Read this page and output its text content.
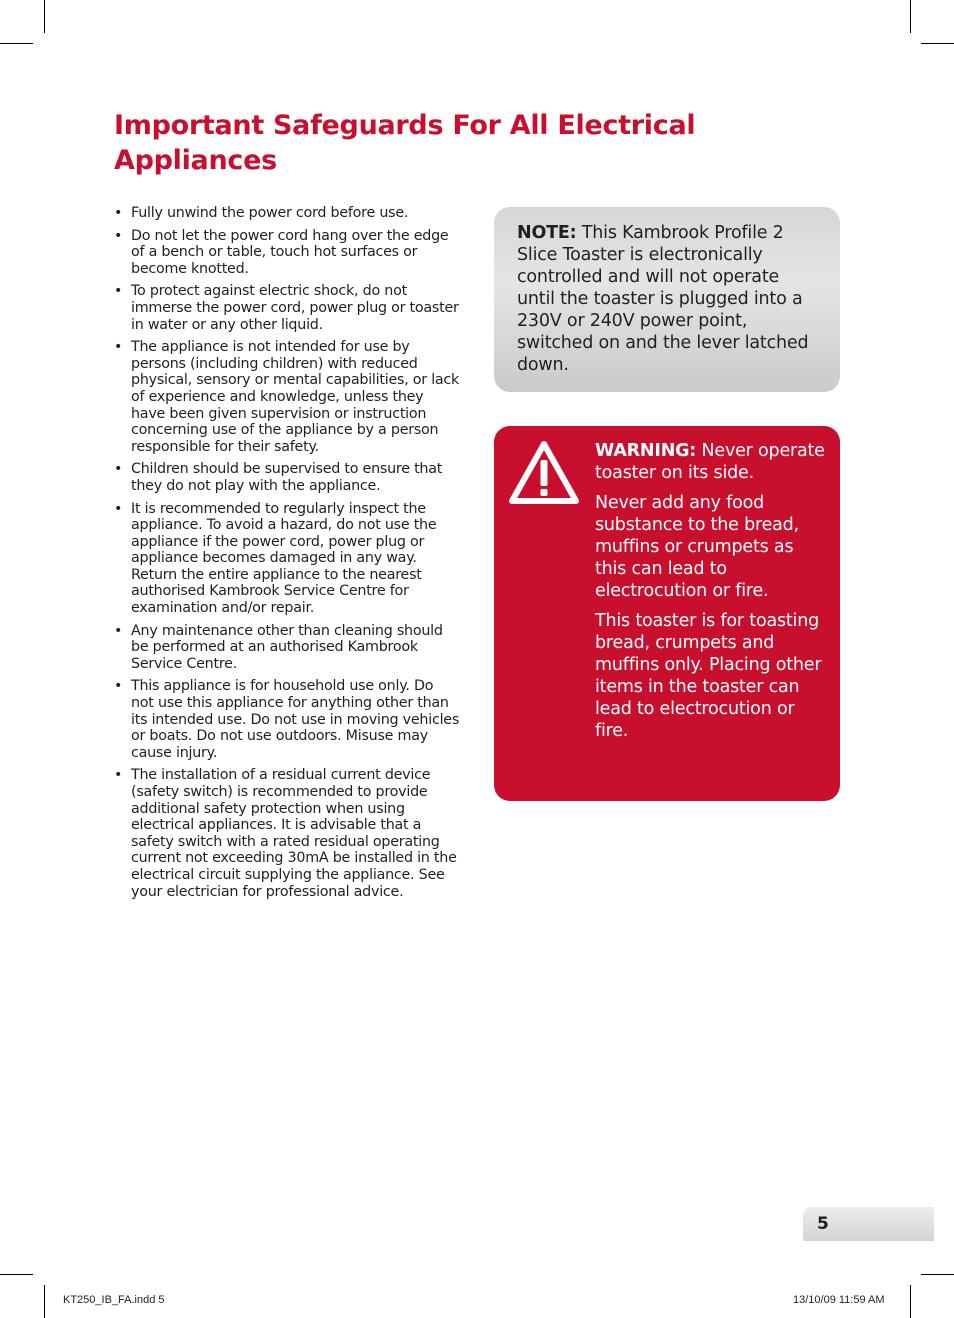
Important Safeguards For All Electrical Appliances
• Fully unwind the power cord before use.
• Do not let the power cord hang over the edge of a bench or table, touch hot surfaces or become knotted.
• To protect against electric shock, do not immerse the power cord, power plug or toaster in water or any other liquid.
• The appliance is not intended for use by persons (including children) with reduced physical, sensory or mental capabilities, or lack of experience and knowledge, unless they have been given supervision or instruction concerning use of the appliance by a person responsible for their safety.
• Children should be supervised to ensure that they do not play with the appliance.
• It is recommended to regularly inspect the appliance. To avoid a hazard, do not use the appliance if the power cord, power plug or appliance becomes damaged in any way. Return the entire appliance to the nearest authorised Kambrook Service Centre for examination and/or repair.
• Any maintenance other than cleaning should be performed at an authorised Kambrook Service Centre.
• This appliance is for household use only. Do not use this appliance for anything other than its intended use. Do not use in moving vehicles or boats. Do not use outdoors. Misuse may cause injury.
• The installation of a residual current device (safety switch) is recommended to provide additional safety protection when using electrical appliances. It is advisable that a safety switch with a rated residual operating current not exceeding 30mA be installed in the electrical circuit supplying the appliance. See your electrician for professional advice.
NOTE: This Kambrook Profile 2 Slice Toaster is electronically controlled and will not operate until the toaster is plugged into a 230V or 240V power point, switched on and the lever latched down.

WARNING: Never operate toaster on its side.

Never add any food substance to the bread, muffins or crumpets as this can lead to electrocution or fire.

This toaster is for toasting bread, crumpets and muffins only. Placing other items in the toaster can lead to electrocution or fire.

5
KT250_IB_FA.indd 5	13/10/09 11:59 AM
